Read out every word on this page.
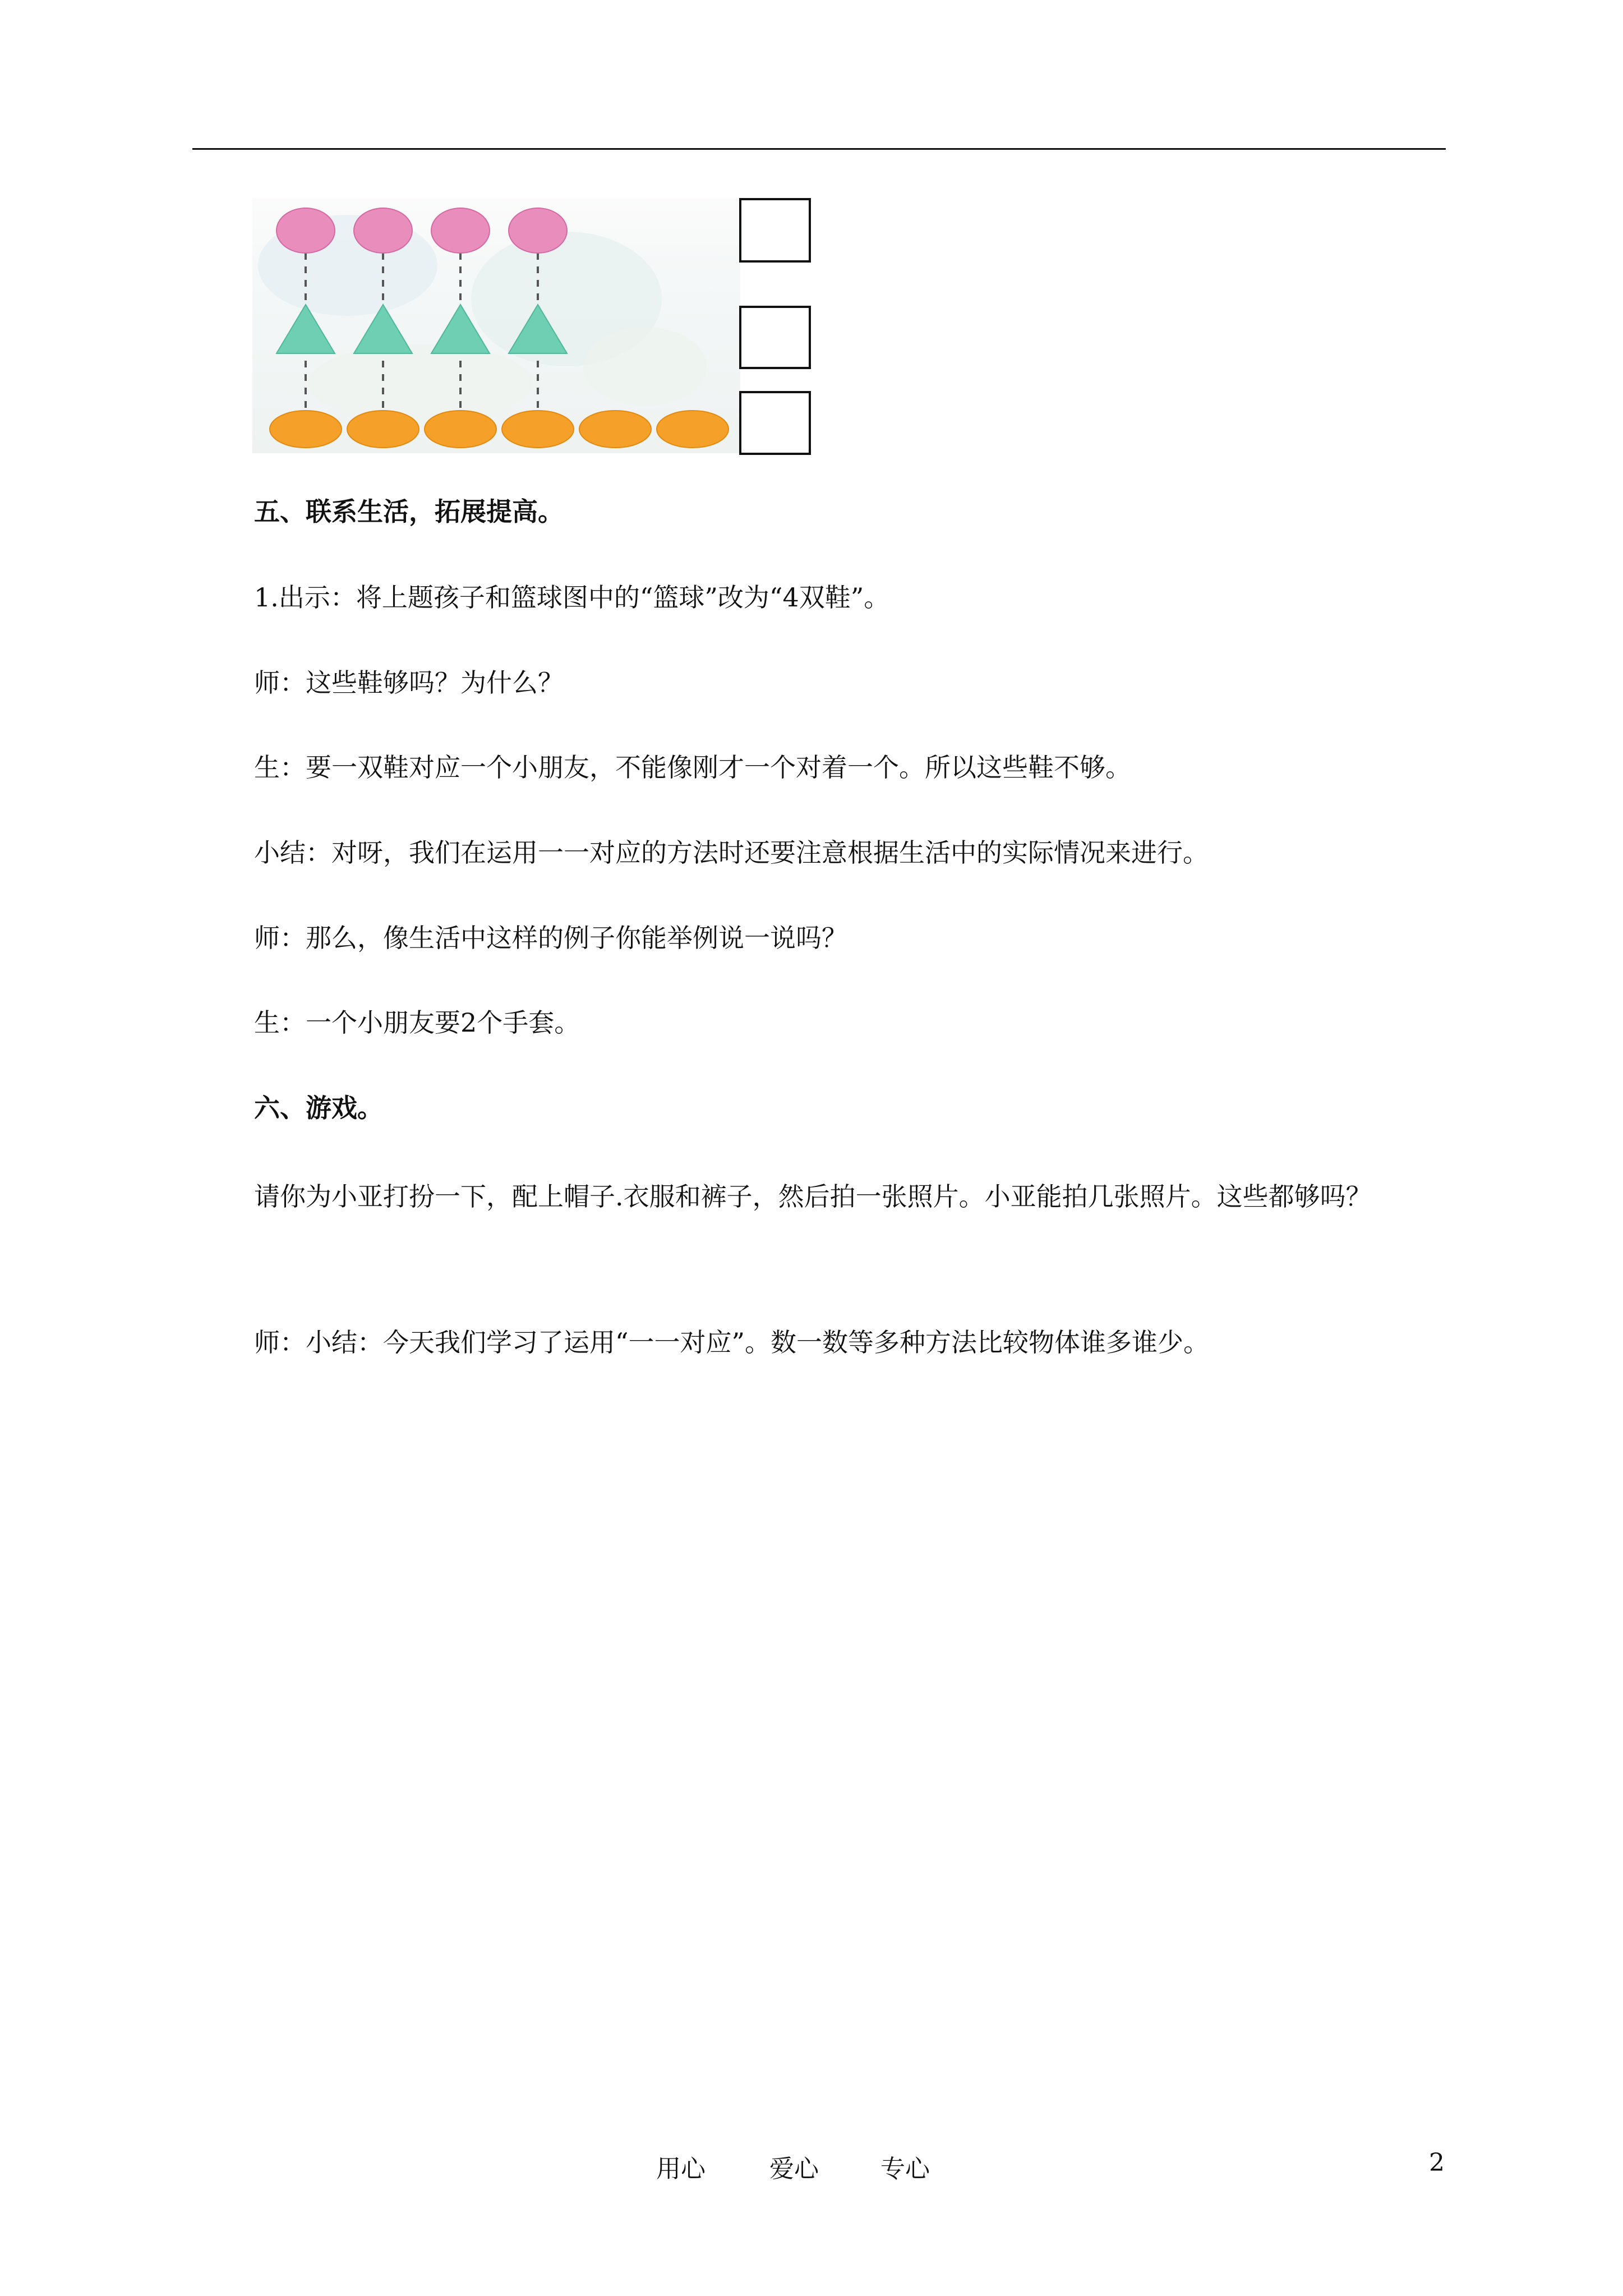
五、联系生活，拓展提高。
1.出示：将上题孩子和篮球图中的“篮球”改为“4双鞋”。
师：这些鞋够吗？为什么？
生：要一双鞋对应一个小朋友，不能像刚才一个对着一个。所以这些鞋不够。
小结：对呀，我们在运用一一对应的方法时还要注意根据生活中的实际情况来进行。
师：那么，像生活中这样的例子你能举例说一说吗？
生：一个小朋友要2个手套。
六、游戏。
请你为小亚打扮一下，配上帽子.衣服和裤子，然后拍一张照片。小亚能拍几张照片。这些都够吗？
师：小结：今天我们学习了运用“一一对应”。数一数等多种方法比较物体谁多谁少。
用心	爱心	专心	2
